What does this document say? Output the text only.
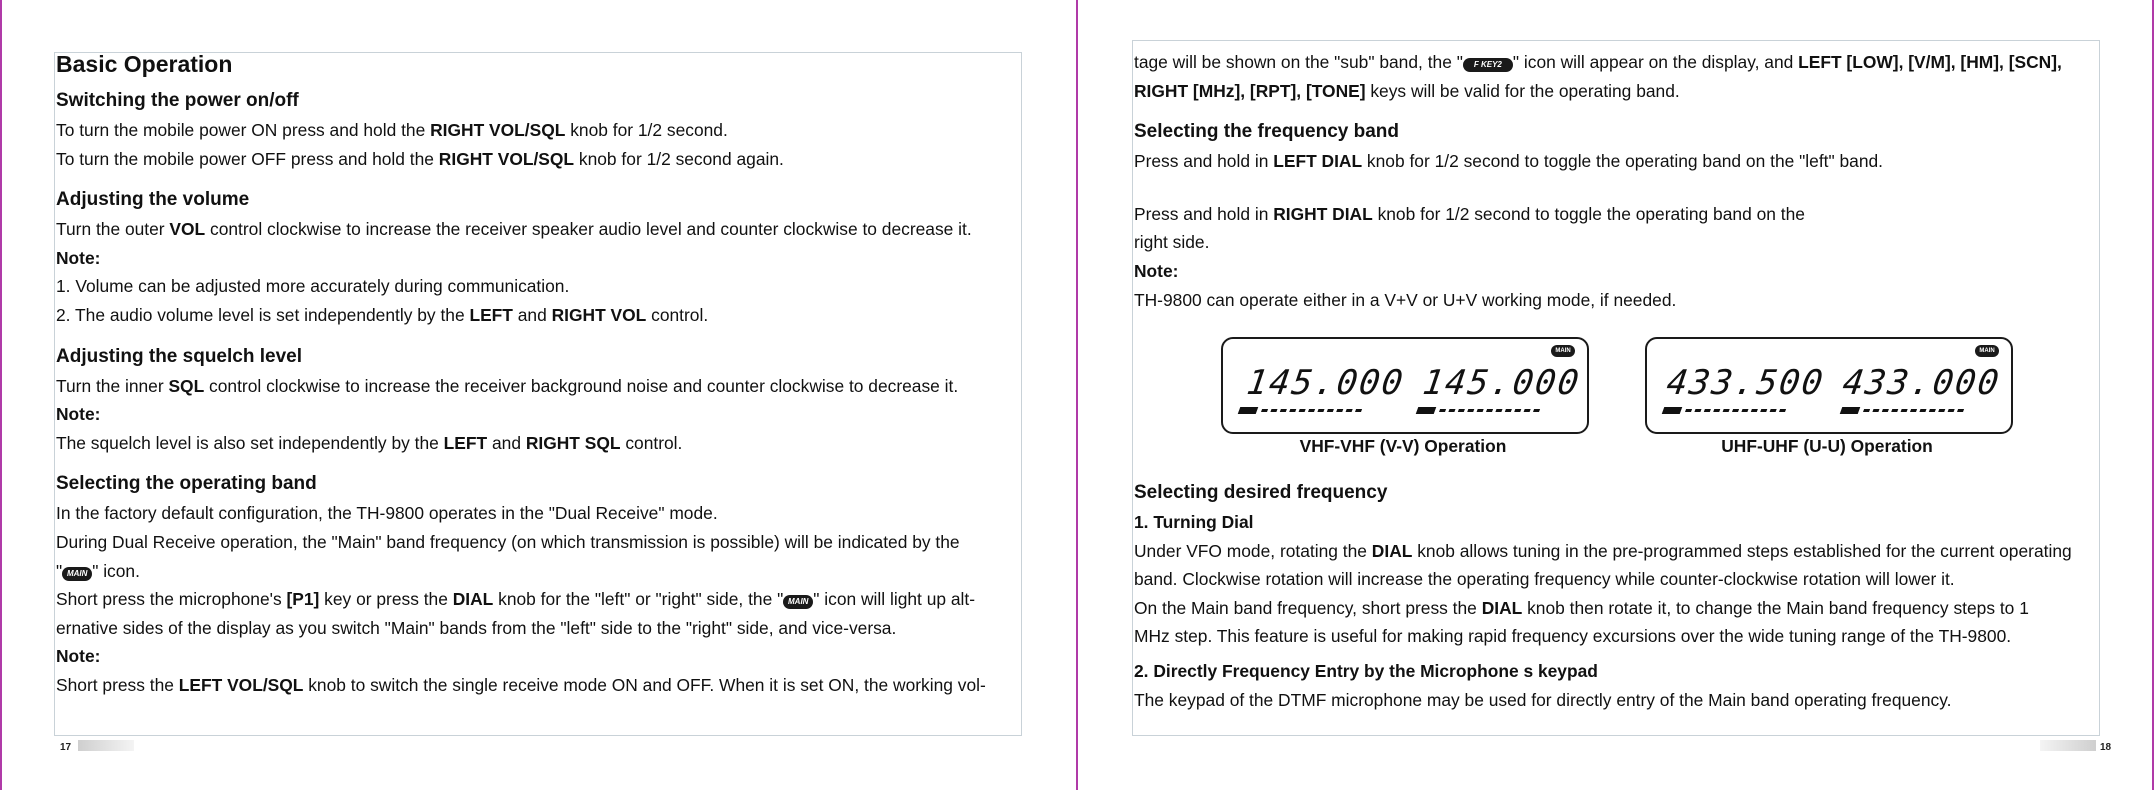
Basic Operation

Switching the power on/off

To turn the mobile power ON press and hold the RIGHT VOL/SQL knob for 1/2 second.

To turn the mobile power OFF press and hold the RIGHT VOL/SQL knob for 1/2 second again.

Adjusting the volume

Turn the outer VOL control clockwise to increase the receiver speaker audio level and counter clockwise to decrease it.

Note:

1. Volume can be adjusted more accurately during communication.

2. The audio volume level is set independently by the LEFT and RIGHT VOL control.

Adjusting the squelch level

Turn the inner SQL control clockwise to increase the receiver background noise and counter clockwise to decrease it.

Note:

The squelch level is also set independently by the LEFT and RIGHT SQL control.

Selecting the operating band

In the factory default configuration, the TH-9800 operates in the "Dual Receive" mode.

During Dual Receive operation, the "Main" band frequency (on which transmission is possible) will be indicated by the

" MAIN " icon.

Short press the microphone's [P1] key or press the DIAL knob for the "left" or "right" side, the " MAIN " icon will light up alt-

ernative sides of the display as you switch "Main" bands from the "left" side to the "right" side, and vice-versa.

Note:

Short press the LEFT VOL/SQL knob to switch the single receive mode ON and OFF. When it is set ON, the working vol-

17

tage will be shown on the "sub" band, the " F KEY2 " icon will appear on the display, and LEFT [LOW], [V/M], [HM], [SCN],

RIGHT [MHz], [RPT], [TONE] keys will be valid for the operating band.

Selecting the frequency band

Press and hold in LEFT DIAL knob for 1/2 second to toggle the operating band on the "left" band.

Press and hold in RIGHT DIAL knob for 1/2 second to toggle the operating band on the

right side.

Note:

TH-9800 can operate either in a V+V or U+V working mode, if needed.

MAIN
145.000 145.000
VHF-VHF (V-V) Operation
MAIN
433.500 433.000
UHF-UHF (U-U) Operation

Selecting desired frequency

1. Turning Dial

Under VFO mode, rotating the DIAL knob allows tuning in the pre-programmed steps established for the current operating

band. Clockwise rotation will increase the operating frequency while counter-clockwise rotation will lower it.

On the Main band frequency, short press the DIAL knob then rotate it, to change the Main band frequency steps to 1

MHz step. This feature is useful for making rapid frequency excursions over the wide tuning range of the TH-9800.

2. Directly Frequency Entry by the Microphone s keypad

The keypad of the DTMF microphone may be used for directly entry of the Main band operating frequency.

18
